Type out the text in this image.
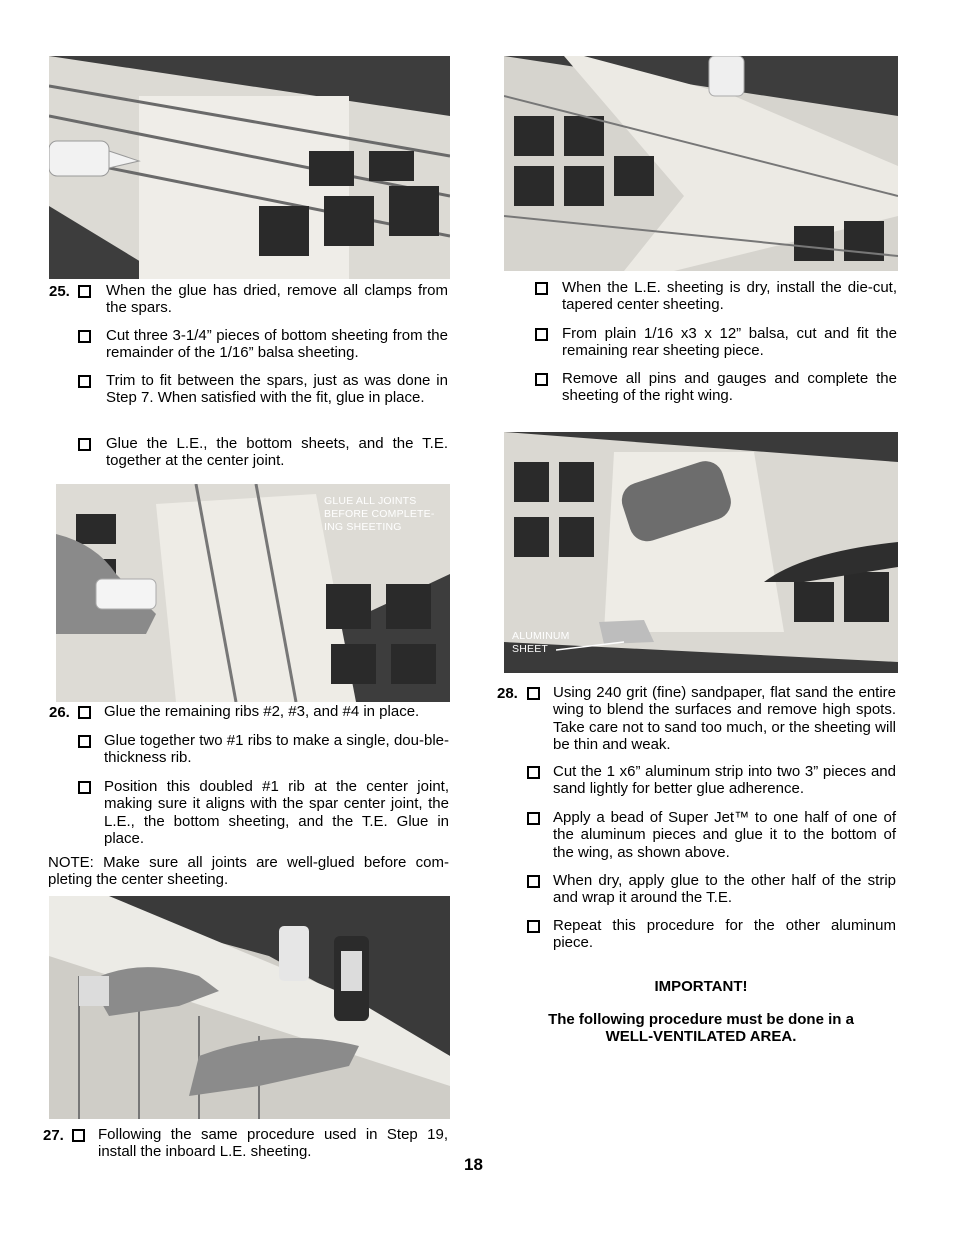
25. When the glue has dried, remove all clamps from the spars.
Cut three 3-1/4” pieces of bottom sheeting from the remainder of the 1/16” balsa sheeting.
Trim to fit between the spars, just as was done in Step 7. When satisfied with the fit, glue in place.
Glue the L.E., the bottom sheets, and the T.E. together at the center joint.
GLUE ALL JOINTS
BEFORE COMPLETE-
ING SHEETING
26. Glue the remaining ribs #2, #3, and #4 in place.
Glue together two #1 ribs to make a single, dou-ble-thickness rib.
Position this doubled #1 rib at the center joint, making sure it aligns with the spar center joint, the L.E., the bottom sheeting, and the T.E. Glue in place.
NOTE: Make sure all joints are well-glued before com-pleting the center sheeting.
27. Following the same procedure used in Step 19, install the inboard L.E. sheeting.
18
When the L.E. sheeting is dry, install the die-cut, tapered center sheeting.
From plain 1/16 x3 x 12” balsa, cut and fit the remaining rear sheeting piece.
Remove all pins and gauges and complete the sheeting of the right wing.
ALUMINUM
SHEET
28. Using 240 grit (fine) sandpaper, flat sand the entire wing to blend the surfaces and remove high spots. Take care not to sand too much, or the sheeting will be thin and weak.
Cut the 1 x6” aluminum strip into two 3” pieces and sand lightly for better glue adherence.
Apply a bead of Super Jet™ to one half of one of the aluminum pieces and glue it to the bottom of the wing, as shown above.
When dry, apply glue to the other half of the strip and wrap it around the T.E.
Repeat this procedure for the other aluminum piece.
IMPORTANT!
The following procedure must be done in a
WELL-VENTILATED AREA.
